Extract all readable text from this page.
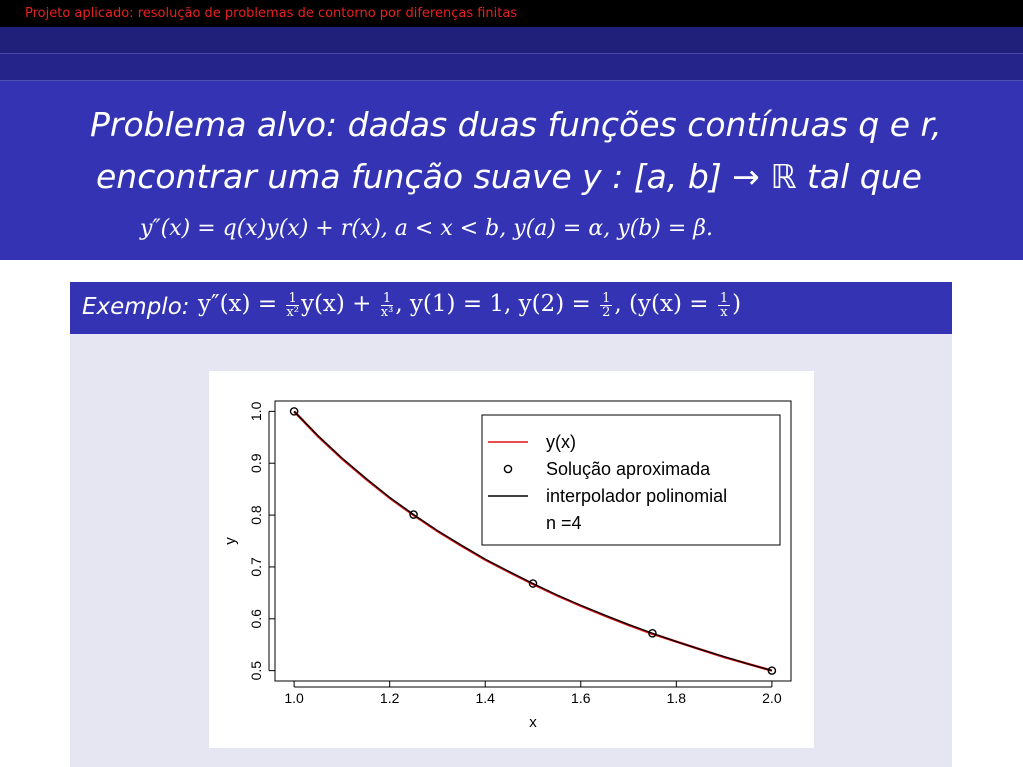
Projeto aplicado: resolução de problemas de contorno por diferenças finitas
Problema alvo: dadas duas funções contínuas q e r,
encontrar uma função suave y : [a, b] → ℝ tal que
y″(x) = q(x)y(x) + r(x), a < x < b, y(a) = α, y(b) = β.
Exemplo: $y''(x) = \frac{1}{\text{x²}} y(x) + \frac{1}{\text{x³}}$ , y(1) = 1, $y(2) = \frac{1}{2}$ , ($y(x) = \frac{1}{x}$ )
1.0	1.2	1.4	1.6	1.8	2.0
0.5
0.6
0.7
0.8
0.9
1.0
x
y
y(x)
Solução aproximada
interpolador polinomial
n =4
